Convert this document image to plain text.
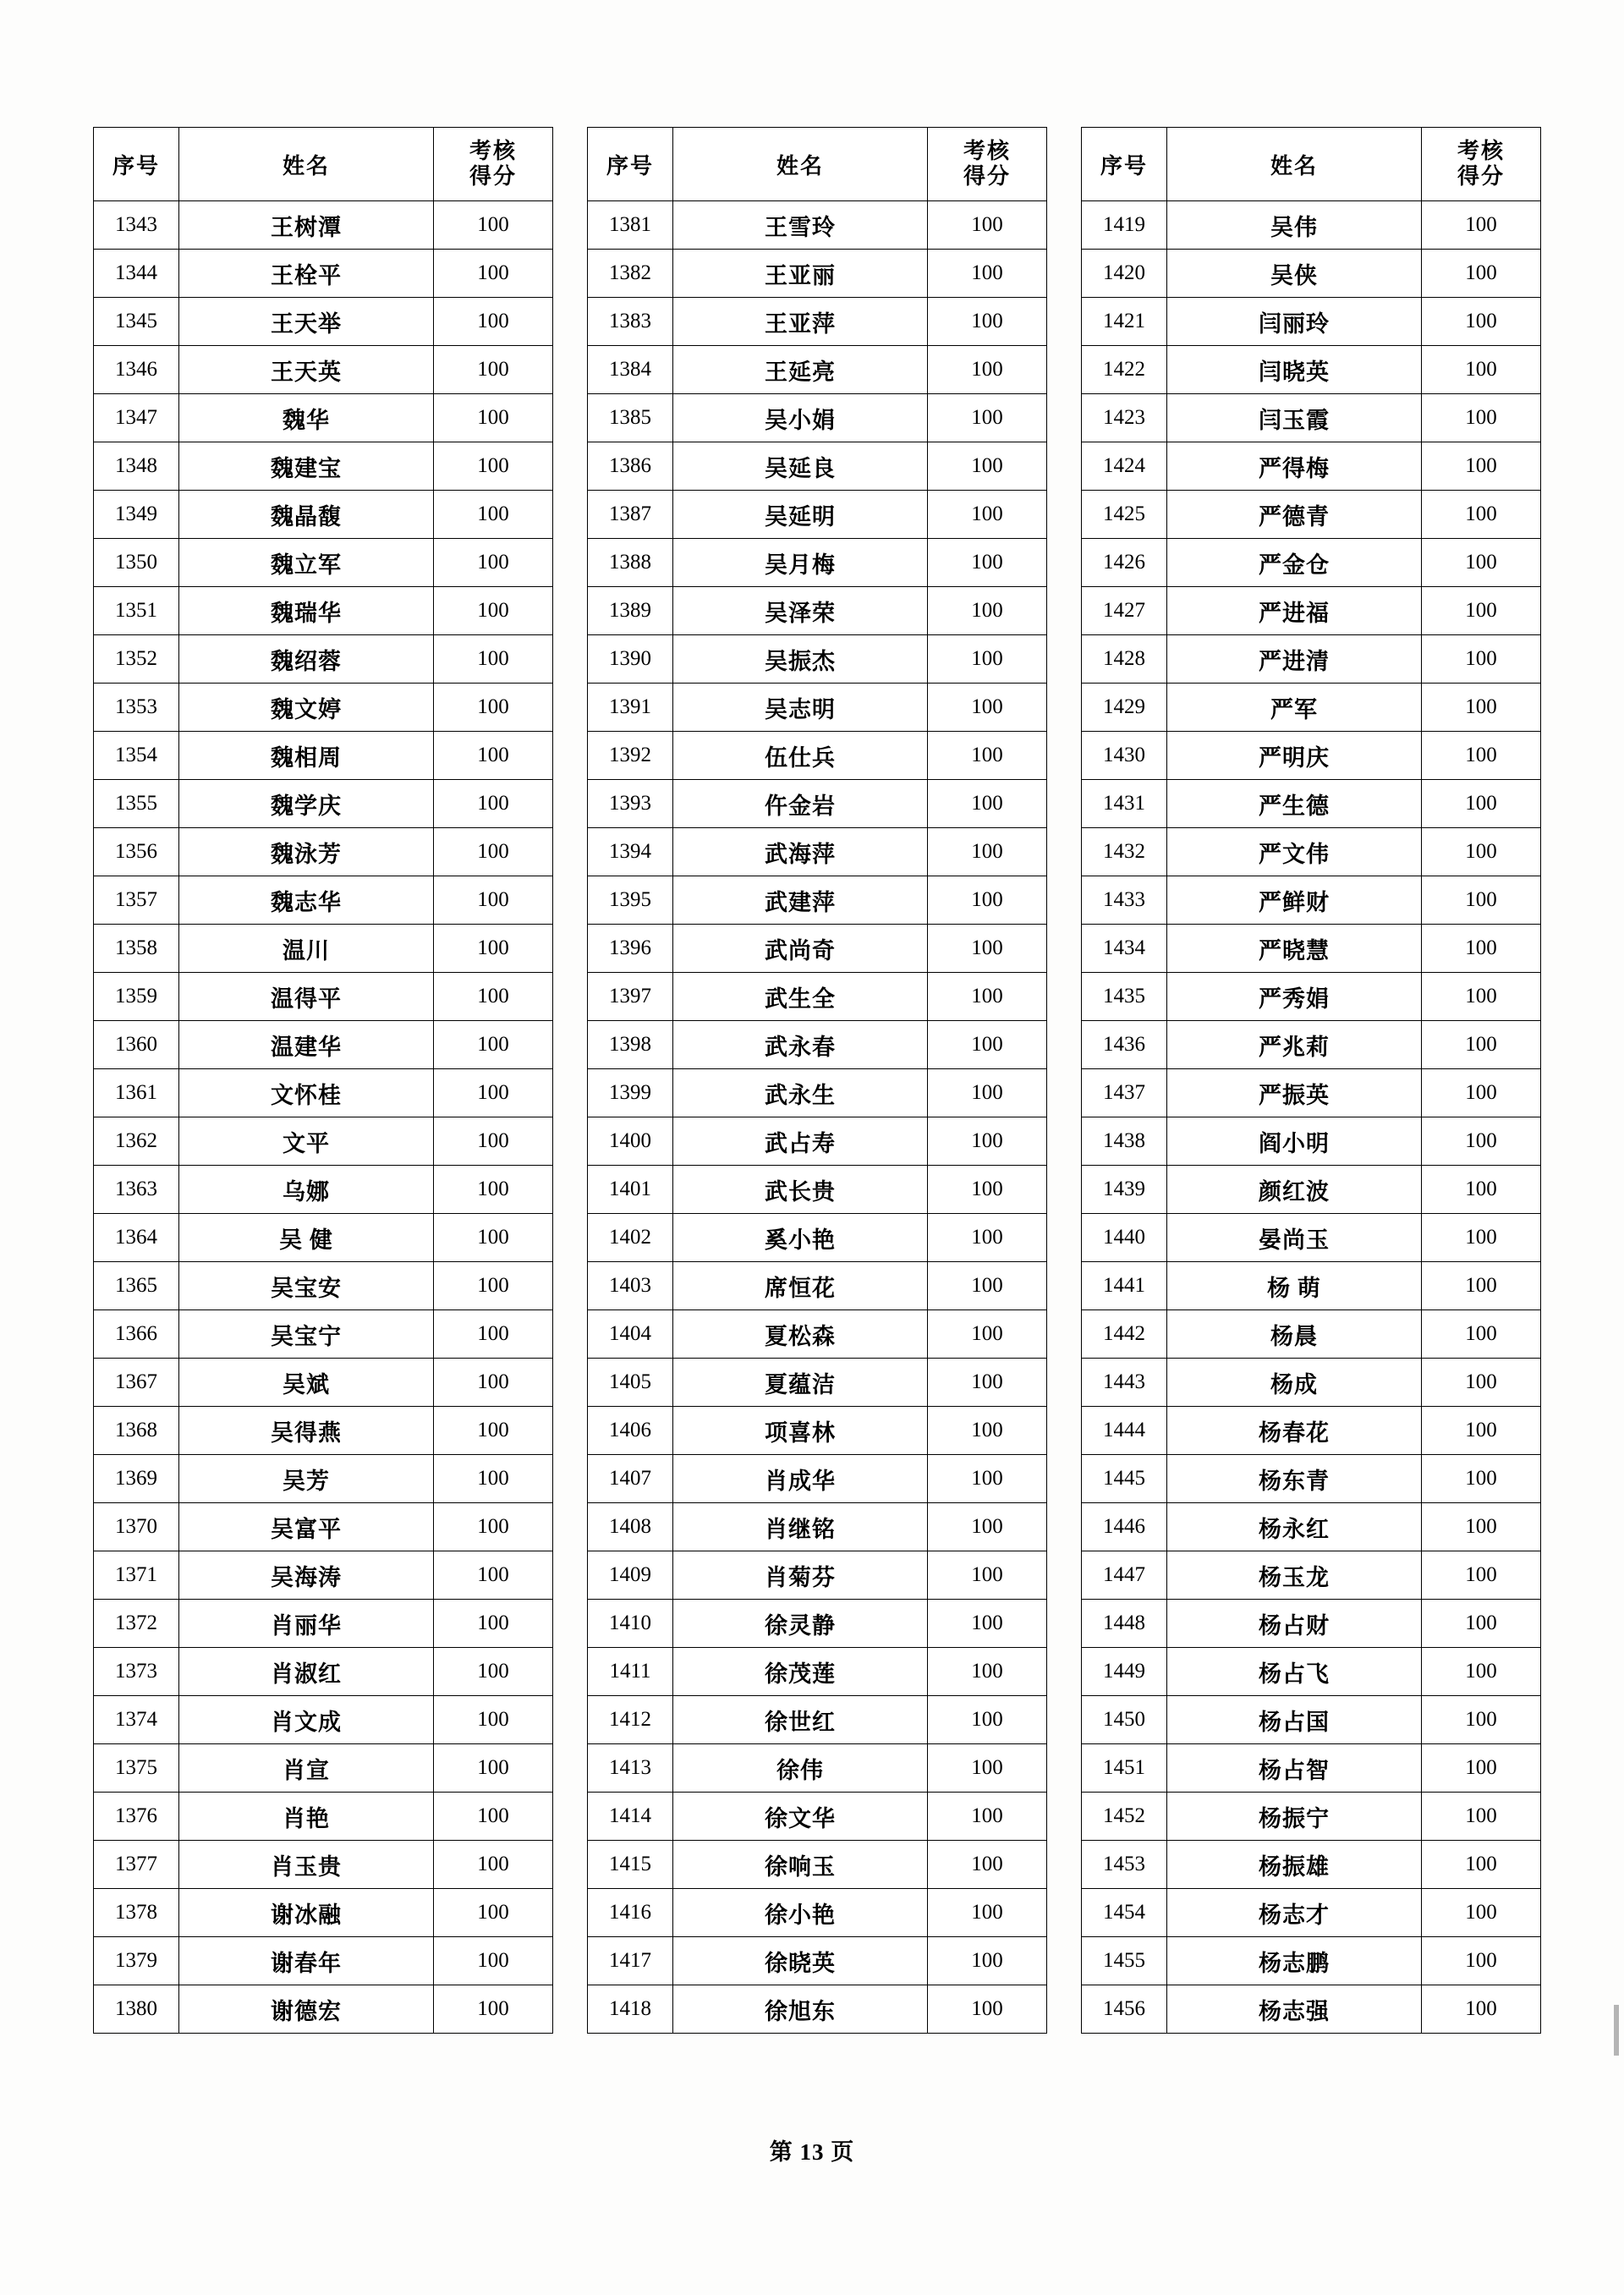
序号	姓名	考核
得分

1343	王树潭	100
1344	王栓平	100
1345	王天举	100
1346	王天英	100
1347	魏华	100
1348	魏建宝	100
1349	魏晶馥	100
1350	魏立军	100
1351	魏瑞华	100
1352	魏绍蓉	100
1353	魏文婷	100
1354	魏相周	100
1355	魏学庆	100
1356	魏泳芳	100
1357	魏志华	100
1358	温川	100
1359	温得平	100
1360	温建华	100
1361	文怀桂	100
1362	文平	100
1363	乌娜	100
1364	吴 健	100
1365	吴宝安	100
1366	吴宝宁	100
1367	吴斌	100
1368	吴得燕	100
1369	吴芳	100
1370	吴富平	100
1371	吴海涛	100
1372	肖丽华	100
1373	肖淑红	100
1374	肖文成	100
1375	肖宣	100
1376	肖艳	100
1377	肖玉贵	100
1378	谢冰融	100
1379	谢春年	100
1380	谢德宏	100
序号	姓名	考核
得分

1381	王雪玲	100
1382	王亚丽	100
1383	王亚萍	100
1384	王延亮	100
1385	吴小娟	100
1386	吴延良	100
1387	吴延明	100
1388	吴月梅	100
1389	吴泽荣	100
1390	吴振杰	100
1391	吴志明	100
1392	伍仕兵	100
1393	仵金岩	100
1394	武海萍	100
1395	武建萍	100
1396	武尚奇	100
1397	武生全	100
1398	武永春	100
1399	武永生	100
1400	武占寿	100
1401	武长贵	100
1402	奚小艳	100
1403	席恒花	100
1404	夏松森	100
1405	夏蕴洁	100
1406	项喜林	100
1407	肖成华	100
1408	肖继铭	100
1409	肖菊芬	100
1410	徐灵静	100
1411	徐茂莲	100
1412	徐世红	100
1413	徐伟	100
1414	徐文华	100
1415	徐响玉	100
1416	徐小艳	100
1417	徐晓英	100
1418	徐旭东	100
序号	姓名	考核
得分

1419	吴伟	100
1420	吴侠	100
1421	闫丽玲	100
1422	闫晓英	100
1423	闫玉霞	100
1424	严得梅	100
1425	严德青	100
1426	严金仓	100
1427	严进福	100
1428	严进清	100
1429	严军	100
1430	严明庆	100
1431	严生德	100
1432	严文伟	100
1433	严鲜财	100
1434	严晓慧	100
1435	严秀娟	100
1436	严兆莉	100
1437	严振英	100
1438	阎小明	100
1439	颜红波	100
1440	晏尚玉	100
1441	杨 萌	100
1442	杨晨	100
1443	杨成	100
1444	杨春花	100
1445	杨东青	100
1446	杨永红	100
1447	杨玉龙	100
1448	杨占财	100
1449	杨占飞	100
1450	杨占国	100
1451	杨占智	100
1452	杨振宁	100
1453	杨振雄	100
1454	杨志才	100
1455	杨志鹏	100
1456	杨志强	100
第 13 页
